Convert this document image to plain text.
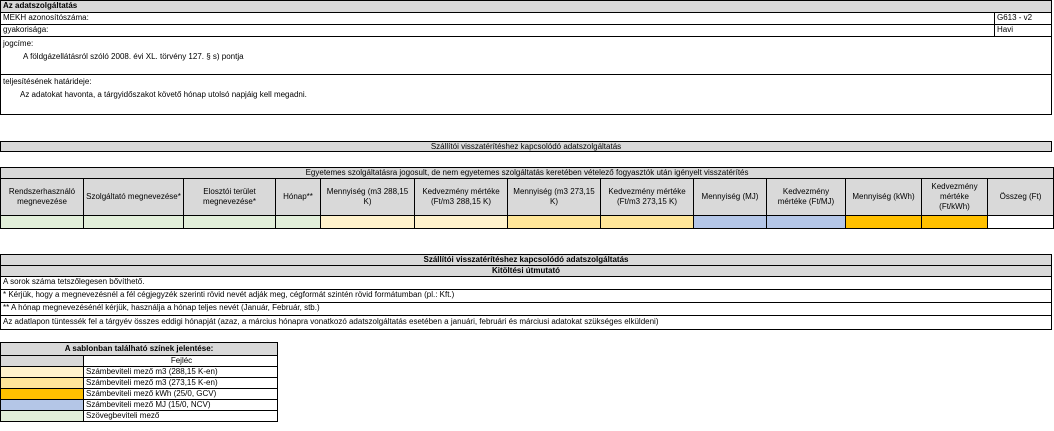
Az adatszolgáltatás
MEKH azonosítószáma:	G613 - v2
gyakorisága:	Havi
jogcíme:
A földgázellátásról szóló 2008. évi XL. törvény 127. § s) pontja
teljesítésének határideje:
Az adatokat havonta, a tárgyidőszakot követő hónap utolsó napjáig kell megadni.
Szállítói visszatérítéshez kapcsolódó adatszolgáltatás
Egyetemes szolgáltatásra jogosult, de nem egyetemes szolgáltatás keretében vételező fogyasztók után igényelt visszatérítés												
Rendszerhasználó megnevezése	Szolgáltató megnevezése*	Elosztói terület megnevezése*	Hónap**	Mennyiség (m3 288,15 K)	Kedvezmény mértéke (Ft/m3 288,15 K)	Mennyiség (m3 273,15 K)	Kedvezmény mértéke (Ft/m3 273,15 K)	Mennyiség (MJ)	Kedvezmény mértéke (Ft/MJ)	Mennyiség (kWh)	Kedvezmény mértéke (Ft/kWh)	Összeg (Ft)

Szállítói visszatérítéshez kapcsolódó adatszolgáltatás
Kitöltési útmutató
A sorok száma tetszőlegesen bővíthető.
* Kérjük, hogy a megnevezésnél a fél cégjegyzék szerinti rövid nevét adják meg, cégformát szintén rövid formátumban (pl.: Kft.)
** A hónap megnevezésénél kérjük, használja a hónap teljes nevét (Január, Február, stb.)
Az adatlapon tüntessék fel a tárgyév összes eddigi hónapját (azaz, a március hónapra vonatkozó adatszolgáltatás esetében a januári, februári és márciusi adatokat szükséges elküldeni)
A sablonban található színek jelentése:	
	Fejléc
	Számbeviteli mező m3 (288,15 K-en)
	Számbeviteli mező m3 (273,15 K-en)
	Számbeviteli mező kWh (25/0, GCV)
	Számbeviteli mező MJ (15/0, NCV)
	Szövegbeviteli mező
